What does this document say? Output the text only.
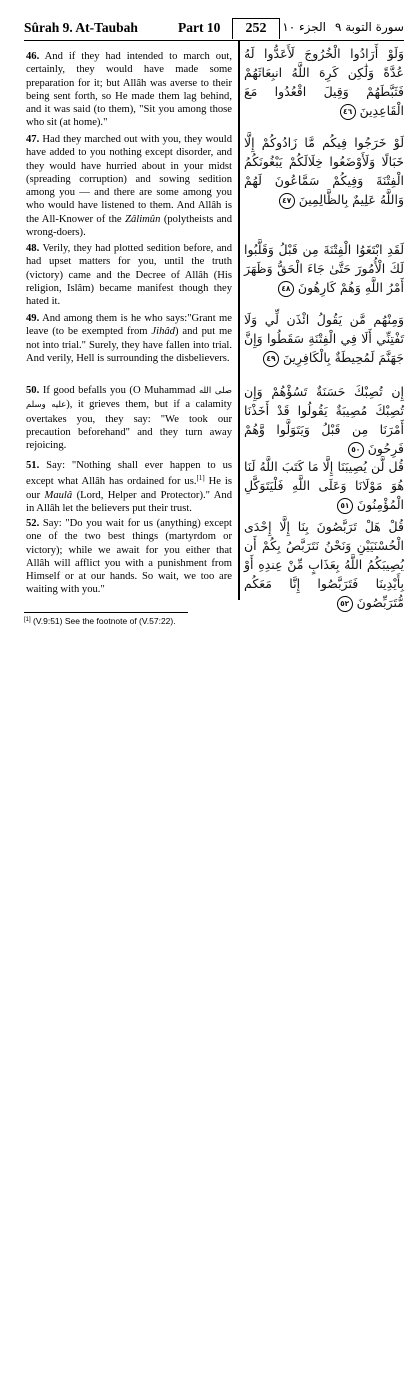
Sûrah 9. At-Taubah	Part 10	252	الجزء ١٠ سورة التوبة ٩
46. And if they had intended to march out, certainly, they would have made some preparation for it; but Allâh was averse to their being sent forth, so He made them lag behind, and it was said (to them), "Sit you among those who sit (at home)."
وَلَوْ أَرَادُوا الْخُرُوجَ لَأَعَدُّوا لَهُ عُدَّةً وَلَٰكِن كَرِهَ اللَّهُ انبِعَاثَهُمْ فَثَبَّطَهُمْ وَقِيلَ اقْعُدُوا مَعَ الْقَاعِدِينَ ٤٦
47. Had they marched out with you, they would have added to you nothing except disorder, and they would have hurried about in your midst (spreading corruption) and sowing sedition among you — and there are some among you who would have listened to them. And Allâh is the All-Knower of the Zâlimûn (polytheists and wrong-doers).
لَوْ خَرَجُوا فِيكُم مَّا زَادُوكُمْ إِلَّا خَبَالًا وَلَأَوْضَعُوا خِلَالَكُمْ يَبْغُونَكُمُ الْفِتْنَةَ وَفِيكُمْ سَمَّاعُونَ لَهُمْ وَاللَّهُ عَلِيمٌ بِالظَّالِمِينَ ٤٧
48. Verily, they had plotted sedition before, and had upset matters for you, until the truth (victory) came and the Decree of Allâh (His religion, Islâm) became manifest though they hated it.
لَقَدِ ابْتَغَوُا الْفِتْنَةَ مِن قَبْلُ وَقَلَّبُوا لَكَ الْأُمُورَ حَتَّىٰ جَاءَ الْحَقُّ وَظَهَرَ أَمْرُ اللَّهِ وَهُمْ كَارِهُونَ ٤٨
49. And among them is he who says:"Grant me leave (to be exempted from Jihâd) and put me not into trial." Surely, they have fallen into trial. And verily, Hell is surrounding the disbelievers.
وَمِنْهُم مَّن يَقُولُ ائْذَن لِّي وَلَا تَفْتِنِّي أَلَا فِي الْفِتْنَةِ سَقَطُوا وَإِنَّ جَهَنَّمَ لَمُحِيطَةٌ بِالْكَافِرِينَ ٤٩
50. If good befalls you (O Muhammad صلى الله عليه وسلم), it grieves them, but if a calamity overtakes you, they say: "We took our precaution beforehand" and they turn away rejoicing.
إِن تُصِبْكَ حَسَنَةٌ تَسُؤْهُمْ وَإِن تُصِبْكَ مُصِيبَةٌ يَقُولُوا قَدْ أَخَذْنَا أَمْرَنَا مِن قَبْلُ وَيَتَوَلَّوا وَّهُمْ فَرِحُونَ ٥٠
51. Say: "Nothing shall ever happen to us except what Allâh has ordained for us.[1] He is our Maulâ (Lord, Helper and Protector)." And in Allâh let the believers put their trust.
قُل لَّن يُصِيبَنَا إِلَّا مَا كَتَبَ اللَّهُ لَنَا هُوَ مَوْلَانَا وَعَلَى اللَّهِ فَلْيَتَوَكَّلِ الْمُؤْمِنُونَ ٥١
52. Say: "Do you wait for us (anything) except one of the two best things (martyrdom or victory); while we await for you either that Allâh will afflict you with a punishment from Himself or at our hands. So wait, we too are waiting with you."
قُلْ هَلْ تَرَبَّصُونَ بِنَا إِلَّا إِحْدَى الْحُسْنَيَيْنِ وَنَحْنُ نَتَرَبَّصُ بِكُمْ أَن يُصِيبَكُمُ اللَّهُ بِعَذَابٍ مِّنْ عِندِهِ أَوْ بِأَيْدِينَا فَتَرَبَّصُوا إِنَّا مَعَكُم مُّتَرَبِّصُونَ ٥٢
[1] (V.9:51) See the footnote of (V.57:22).
